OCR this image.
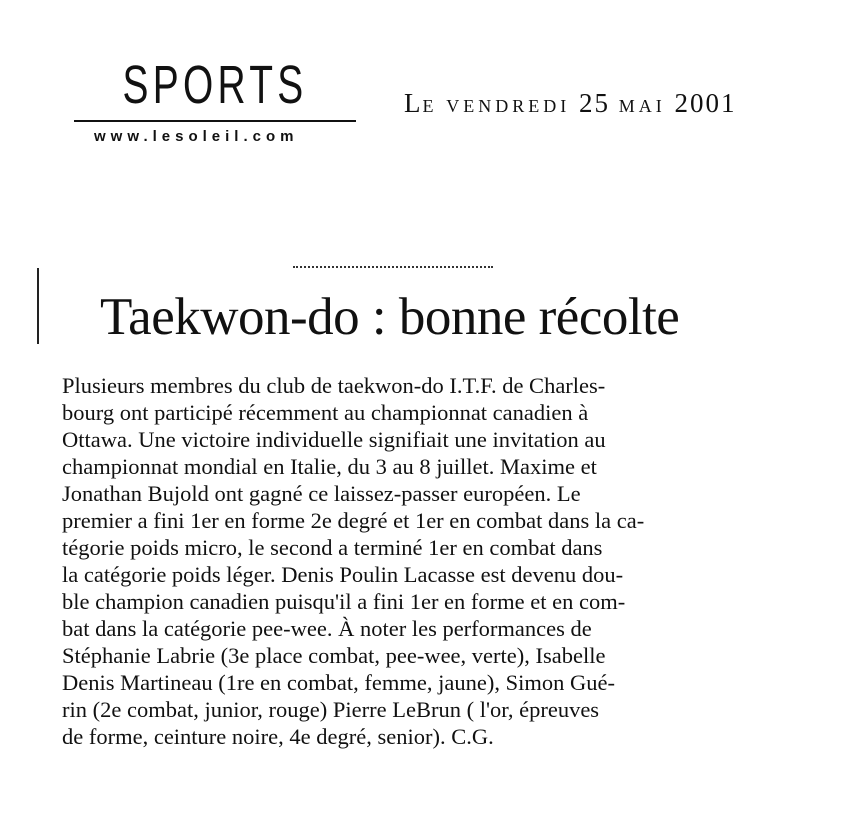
SPORTS
www.lesoleil.com
LE VENDREDI 25 MAI 2001
Taekwon-do : bonne récolte
Plusieurs membres du club de taekwon-do I.T.F. de Charles-
bourg ont participé récemment au championnat canadien à
Ottawa. Une victoire individuelle signifiait une invitation au
championnat mondial en Italie, du 3 au 8 juillet. Maxime et
Jonathan Bujold ont gagné ce laissez-passer européen. Le
premier a fini 1er en forme 2e degré et 1er en combat dans la ca-
tégorie poids micro, le second a terminé 1er en combat dans
la catégorie poids léger. Denis Poulin Lacasse est devenu dou-
ble champion canadien puisqu'il a fini 1er en forme et en com-
bat dans la catégorie pee-wee. À noter les performances de
Stéphanie Labrie (3e place combat, pee-wee, verte), Isabelle
Denis Martineau (1re en combat, femme, jaune), Simon Gué-
rin (2e combat, junior, rouge) Pierre LeBrun ( l'or, épreuves
de forme, ceinture noire, 4e degré, senior). C.G.
